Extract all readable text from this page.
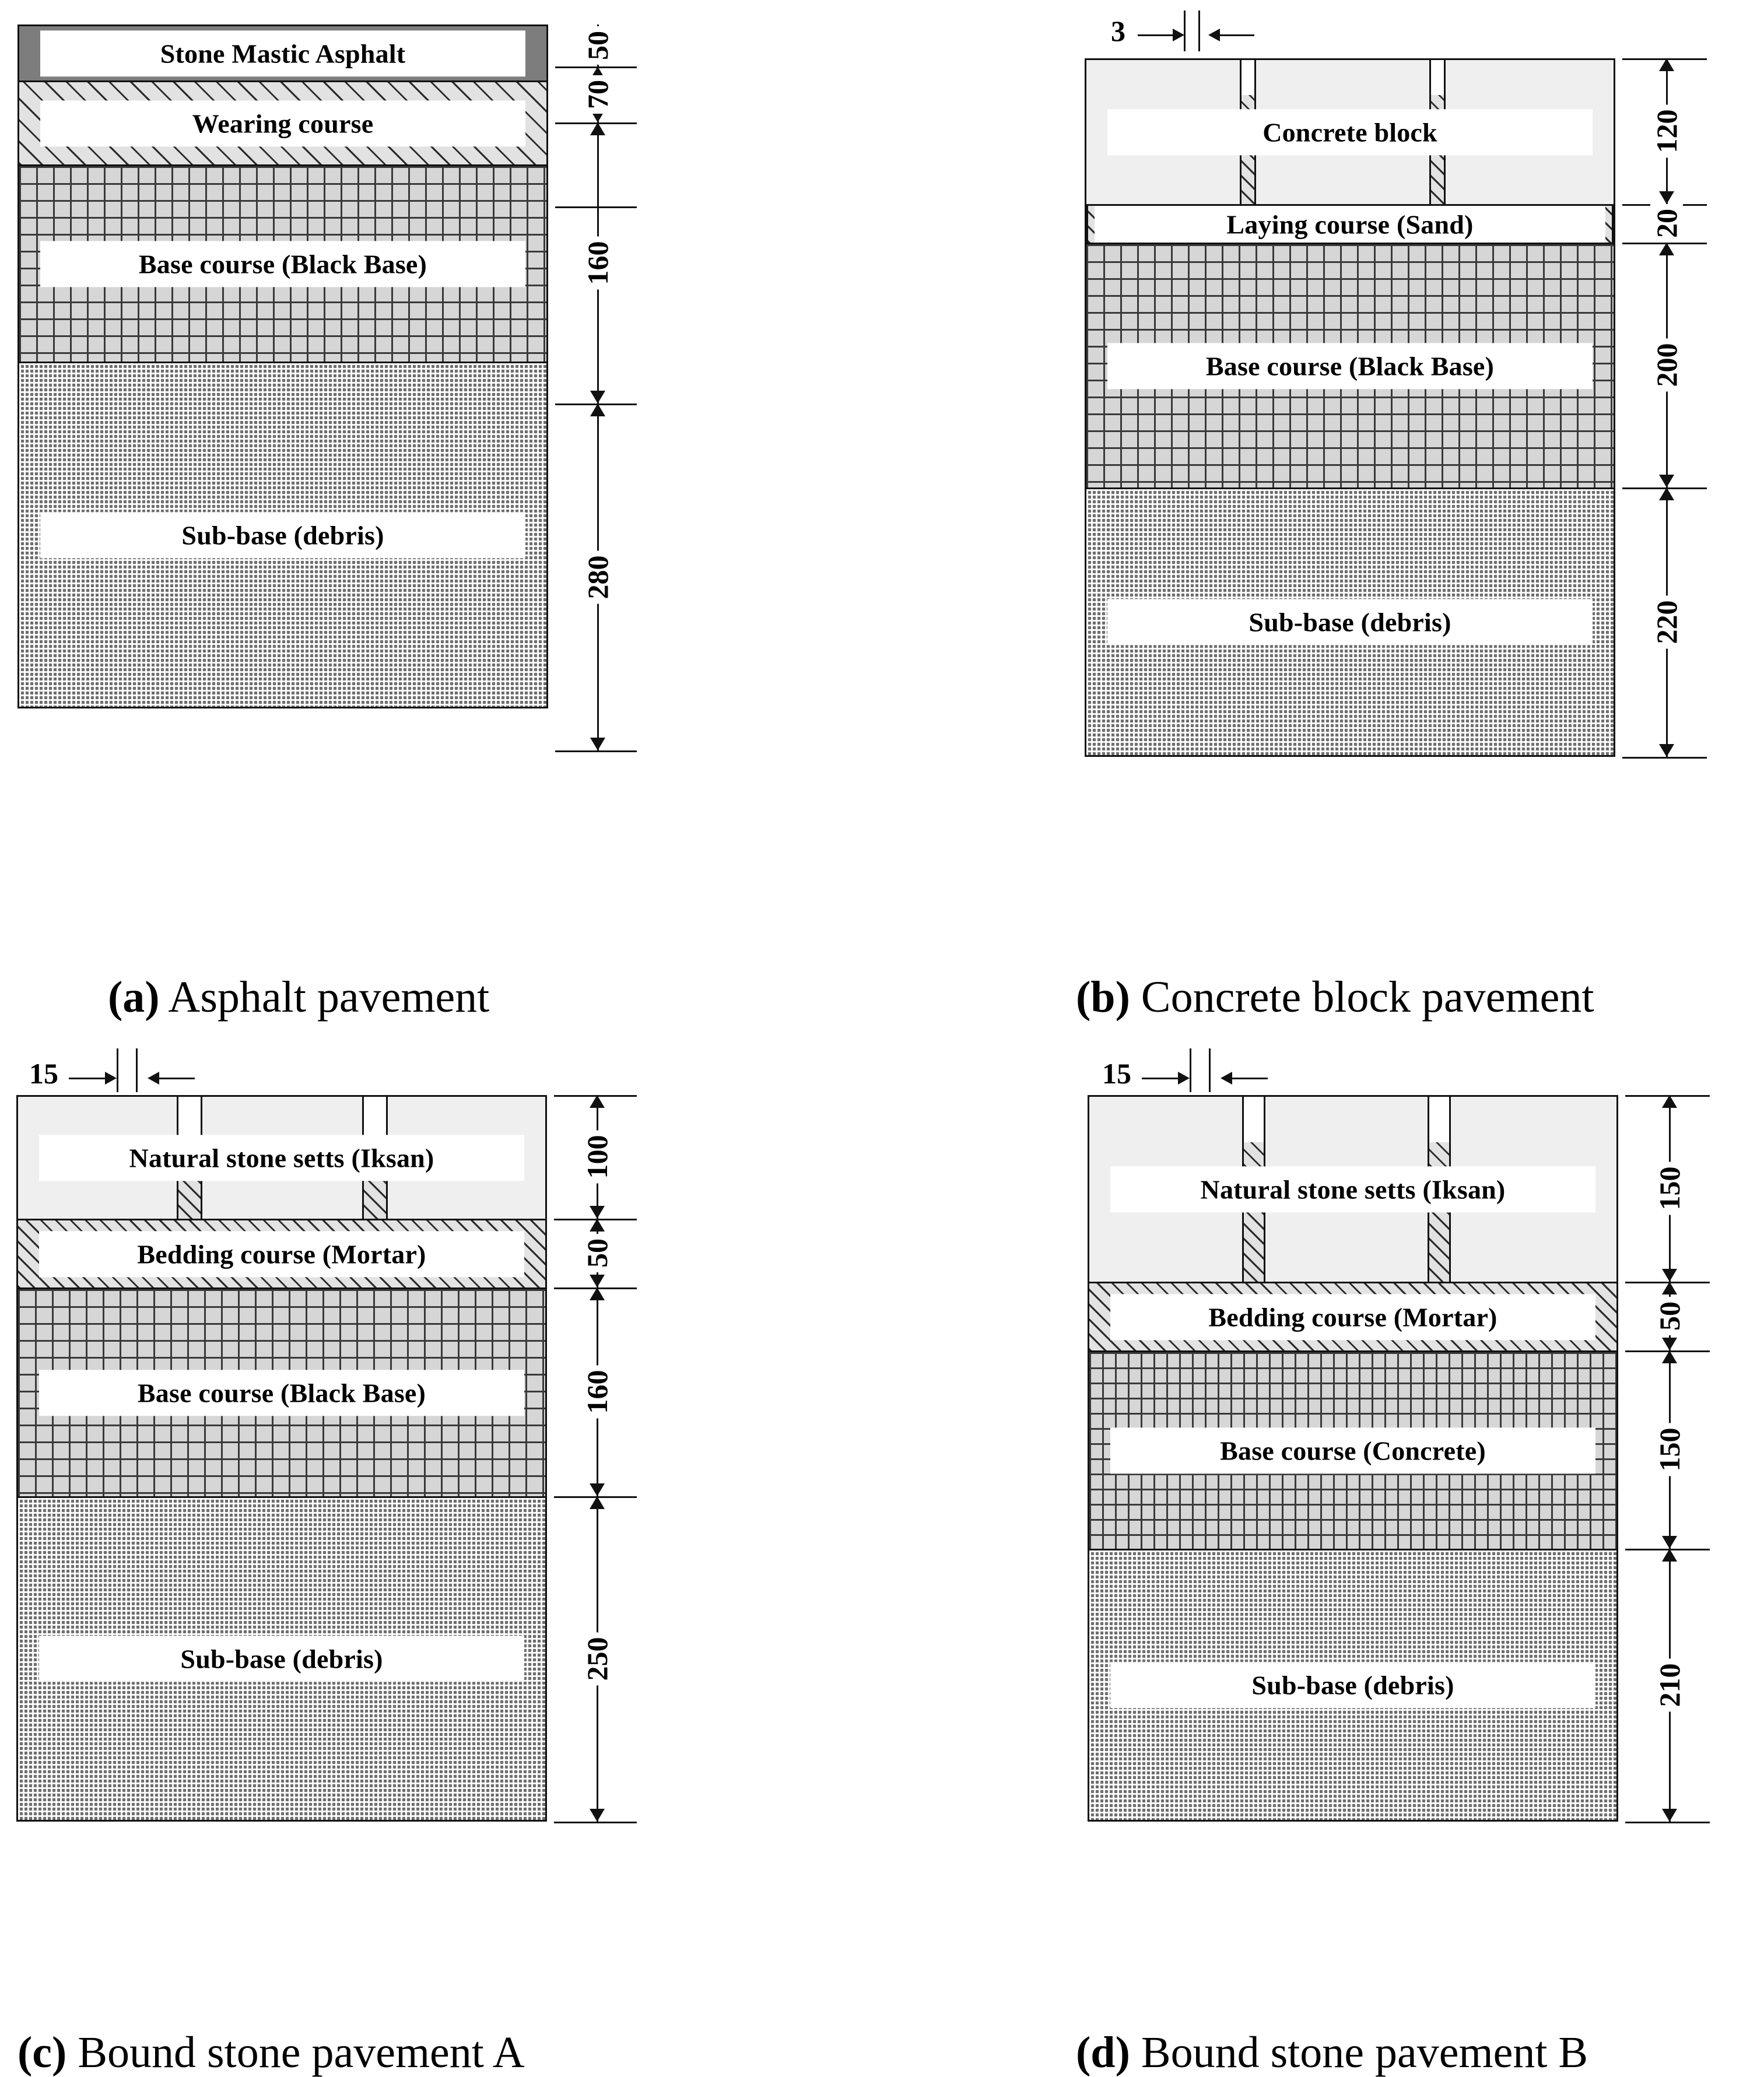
Stone Mastic Asphalt
Wearing course
Base course (Black Base)
Sub-base (debris)
50
70
160
280
(a) Asphalt pavement
3
Concrete block
Laying course (Sand)
Base course (Black Base)
Sub-base (debris)
120
20
200
220
(b) Concrete block pavement
15
Natural stone setts (Iksan)
Bedding course (Mortar)
Base course (Black Base)
Sub-base (debris)
100
50
160
250
(c) Bound stone pavement A
15
Natural stone setts (Iksan)
Bedding course (Mortar)
Base course (Concrete)
Sub-base (debris)
150
50
150
210
(d) Bound stone pavement B
